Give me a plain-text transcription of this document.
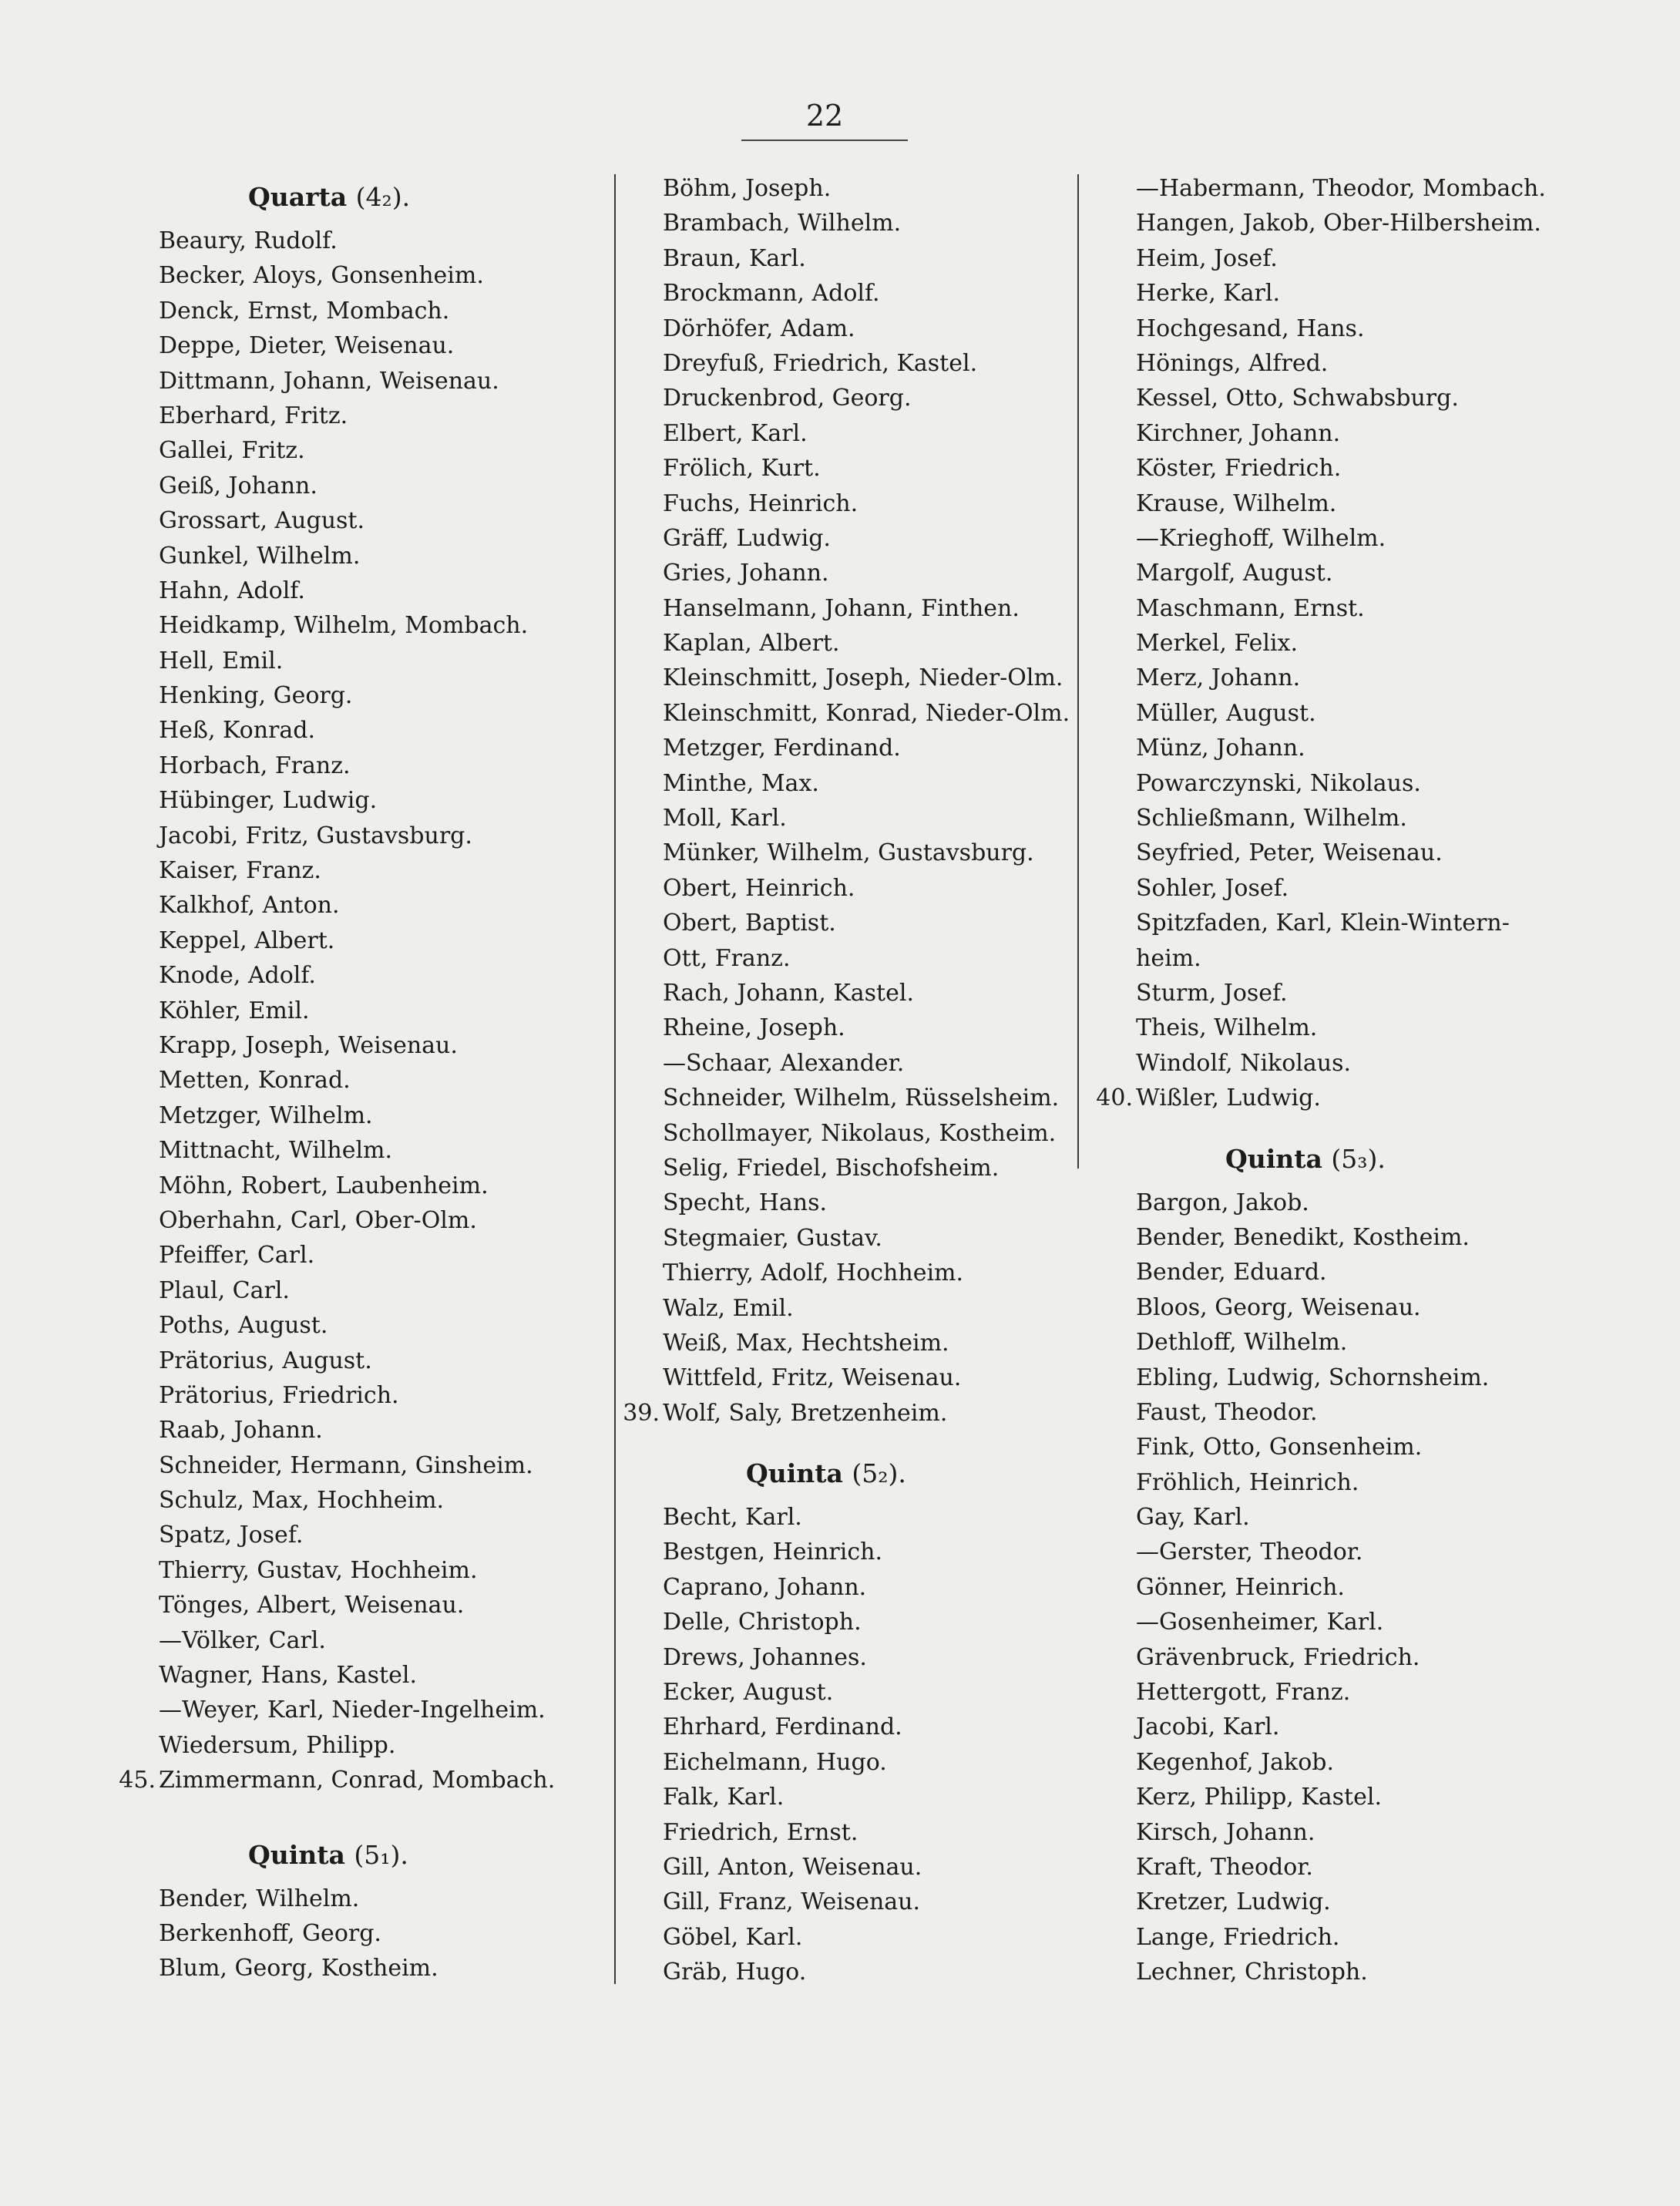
22
Quarta (4₂).
Beaury, Rudolf.
Becker, Aloys, Gonsenheim.
Denck, Ernst, Mombach.
Deppe, Dieter, Weisenau.
Dittmann, Johann, Weisenau.
Eberhard, Fritz.
Gallei, Fritz.
Geiß, Johann.
Grossart, August.
Gunkel, Wilhelm.
Hahn, Adolf.
Heidkamp, Wilhelm, Mombach.
Hell, Emil.
Henking, Georg.
Heß, Konrad.
Horbach, Franz.
Hübinger, Ludwig.
Jacobi, Fritz, Gustavsburg.
Kaiser, Franz.
Kalkhof, Anton.
Keppel, Albert.
Knode, Adolf.
Köhler, Emil.
Krapp, Joseph, Weisenau.
Metten, Konrad.
Metzger, Wilhelm.
Mittnacht, Wilhelm.
Möhn, Robert, Laubenheim.
Oberhahn, Carl, Ober-Olm.
Pfeiffer, Carl.
Plaul, Carl.
Poths, August.
Prätorius, August.
Prätorius, Friedrich.
Raab, Johann.
Schneider, Hermann, Ginsheim.
Schulz, Max, Hochheim.
Spatz, Josef.
Thierry, Gustav, Hochheim.
Tönges, Albert, Weisenau.
—Völker, Carl.
Wagner, Hans, Kastel.
—Weyer, Karl, Nieder-Ingelheim.
Wiedersum, Philipp.
45. Zimmermann, Conrad, Mombach.
Quinta (5₁).
Bender, Wilhelm.
Berkenhoff, Georg.
Blum, Georg, Kostheim.
Böhm, Joseph.
Brambach, Wilhelm.
Braun, Karl.
Brockmann, Adolf.
Dörhöfer, Adam.
Dreyfuß, Friedrich, Kastel.
Druckenbrod, Georg.
Elbert, Karl.
Frölich, Kurt.
Fuchs, Heinrich.
Gräff, Ludwig.
Gries, Johann.
Hanselmann, Johann, Finthen.
Kaplan, Albert.
Kleinschmitt, Joseph, Nieder-Olm.
Kleinschmitt, Konrad, Nieder-Olm.
Metzger, Ferdinand.
Minthe, Max.
Moll, Karl.
Münker, Wilhelm, Gustavsburg.
Obert, Heinrich.
Obert, Baptist.
Ott, Franz.
Rach, Johann, Kastel.
Rheine, Joseph.
—Schaar, Alexander.
Schneider, Wilhelm, Rüsselsheim.
Schollmayer, Nikolaus, Kostheim.
Selig, Friedel, Bischofsheim.
Specht, Hans.
Stegmaier, Gustav.
Thierry, Adolf, Hochheim.
Walz, Emil.
Weiß, Max, Hechtsheim.
Wittfeld, Fritz, Weisenau.
39. Wolf, Saly, Bretzenheim.
Quinta (5₂).
Becht, Karl.
Bestgen, Heinrich.
Caprano, Johann.
Delle, Christoph.
Drews, Johannes.
Ecker, August.
Ehrhard, Ferdinand.
Eichelmann, Hugo.
Falk, Karl.
Friedrich, Ernst.
Gill, Anton, Weisenau.
Gill, Franz, Weisenau.
Göbel, Karl.
Gräb, Hugo.
—Habermann, Theodor, Mombach.
Hangen, Jakob, Ober-Hilbersheim.
Heim, Josef.
Herke, Karl.
Hochgesand, Hans.
Hönings, Alfred.
Kessel, Otto, Schwabsburg.
Kirchner, Johann.
Köster, Friedrich.
Krause, Wilhelm.
—Krieghoff, Wilhelm.
Margolf, August.
Maschmann, Ernst.
Merkel, Felix.
Merz, Johann.
Müller, August.
Münz, Johann.
Powarczynski, Nikolaus.
Schließmann, Wilhelm.
Seyfried, Peter, Weisenau.
Sohler, Josef.
Spitzfaden, Karl, Klein-Wintern-
heim.
Sturm, Josef.
Theis, Wilhelm.
Windolf, Nikolaus.
40. Wißler, Ludwig.
Quinta (5₃).
Bargon, Jakob.
Bender, Benedikt, Kostheim.
Bender, Eduard.
Bloos, Georg, Weisenau.
Dethloff, Wilhelm.
Ebling, Ludwig, Schornsheim.
Faust, Theodor.
Fink, Otto, Gonsenheim.
Fröhlich, Heinrich.
Gay, Karl.
—Gerster, Theodor.
Gönner, Heinrich.
—Gosenheimer, Karl.
Grävenbruck, Friedrich.
Hettergott, Franz.
Jacobi, Karl.
Kegenhof, Jakob.
Kerz, Philipp, Kastel.
Kirsch, Johann.
Kraft, Theodor.
Kretzer, Ludwig.
Lange, Friedrich.
Lechner, Christoph.
